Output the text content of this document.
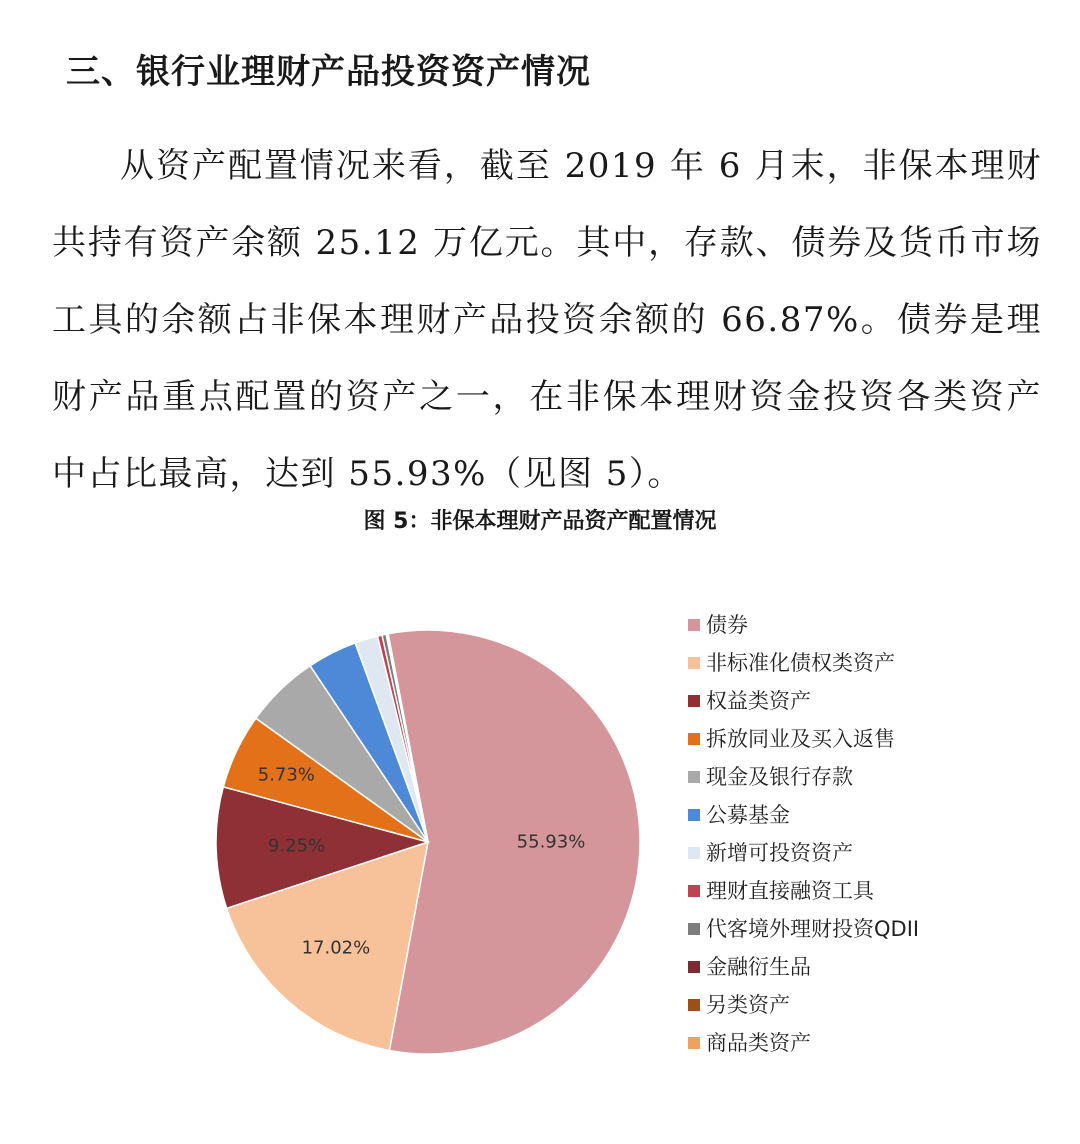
三、银行业理财产品投资资产情况

从资产配置情况来看，截至 2019 年 6 月末，非保本理财共持有资产余额 25.12 万亿元。其中，存款、债券及货币市场工具的余额占非保本理财产品投资余额的 66.87%。债券是理财产品重点配置的资产之一，在非保本理财资金投资各类资产中占比最高，达到 55.93%（见图 5）。

图 5：非保本理财产品资产配置情况

55.93%
17.02%
9.25%
5.73%
债券
非标准化债权类资产
权益类资产
拆放同业及买入返售
现金及银行存款
公募基金
新增可投资资产
理财直接融资工具
代客境外理财投资QDII
金融衍生品
另类资产
商品类资产
